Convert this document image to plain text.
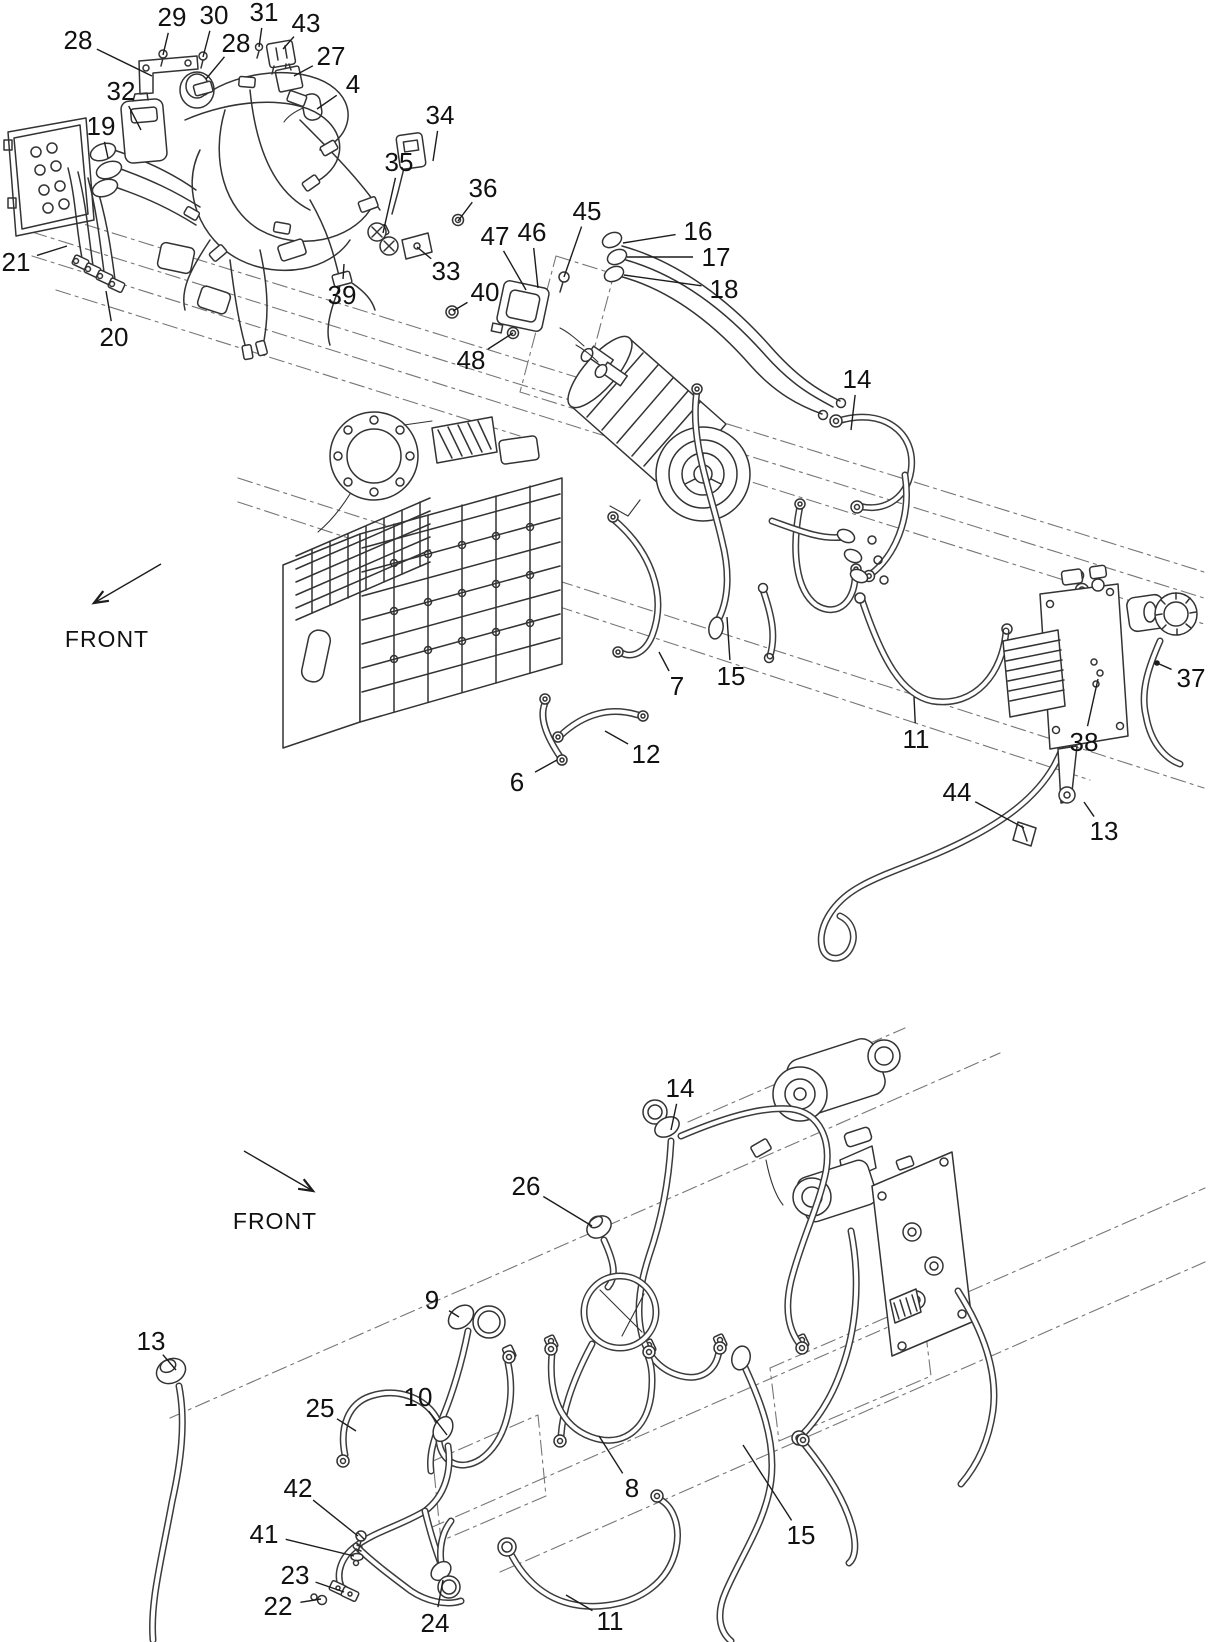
28
29 30 31 43
28	27
4
32
19	34
35
36
45
46
47	16
17
18
21	33
39	40
20
48
14
7 15
11
12
6
37
38
44
13
FRONT
14
26
9
13
10
25
8
42
41	15
23
22
24	11
FRONT
